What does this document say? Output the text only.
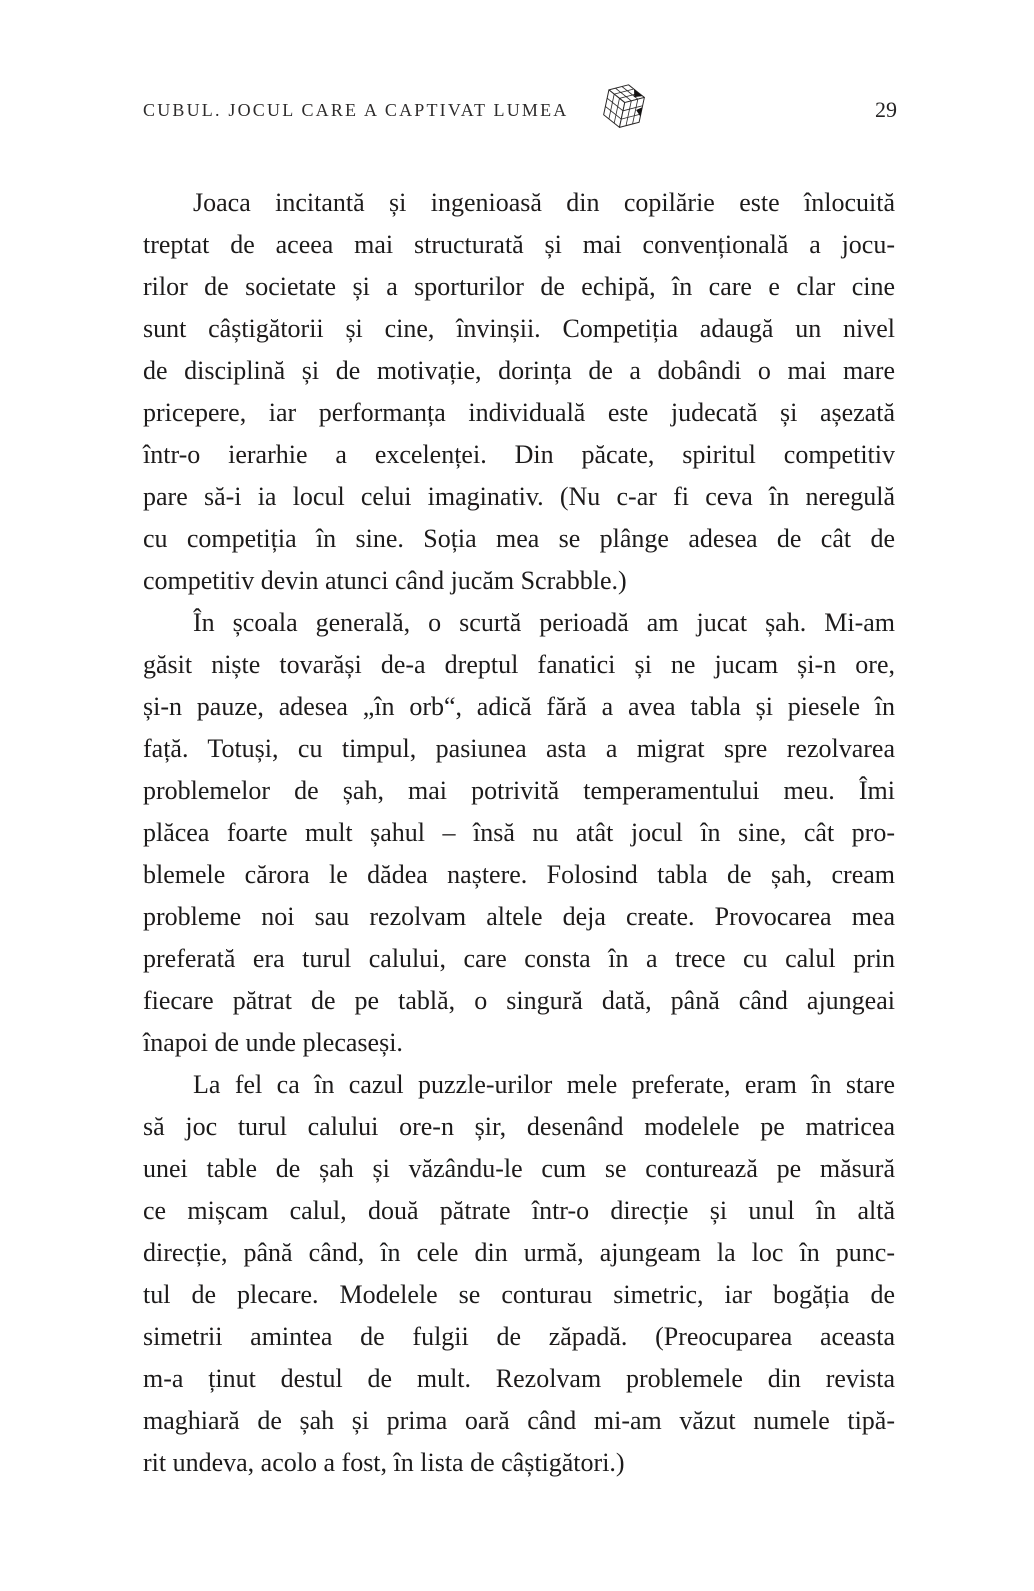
CUBUL. JOCUL CARE A CAPTIVAT LUMEA	29
Joaca incitantă și ingenioasă din copilărie este înlocuită
treptat de aceea mai structurată și mai convențională a jocu-
rilor de societate și a sporturilor de echipă, în care e clar cine
sunt câștigătorii și cine, învinșii. Competiția adaugă un nivel
de disciplină și de motivație, dorința de a dobândi o mai mare
pricepere, iar performanța individuală este judecată și așezată
într-o ierarhie a excelenței. Din păcate, spiritul competitiv
pare să-i ia locul celui imaginativ. (Nu c-ar fi ceva în neregulă
cu competiția în sine. Soția mea se plânge adesea de cât de
competitiv devin atunci când jucăm Scrabble.)
În școala generală, o scurtă perioadă am jucat șah. Mi-am
găsit niște tovarăși de-a dreptul fanatici și ne jucam și-n ore,
și-n pauze, adesea „în orb“, adică fără a avea tabla și piesele în
față. Totuși, cu timpul, pasiunea asta a migrat spre rezolvarea
problemelor de șah, mai potrivită temperamentului meu. Îmi
plăcea foarte mult șahul – însă nu atât jocul în sine, cât pro-
blemele cărora le dădea naștere. Folosind tabla de șah, cream
probleme noi sau rezolvam altele deja create. Provocarea mea
preferată era turul calului, care consta în a trece cu calul prin
fiecare pătrat de pe tablă, o singură dată, până când ajungeai
înapoi de unde plecaseși.
La fel ca în cazul puzzle-urilor mele preferate, eram în stare
să joc turul calului ore-n șir, desenând modelele pe matricea
unei table de șah și văzându-le cum se conturează pe măsură
ce mișcam calul, două pătrate într-o direcție și unul în altă
direcție, până când, în cele din urmă, ajungeam la loc în punc-
tul de plecare. Modelele se conturau simetric, iar bogăția de
simetrii amintea de fulgii de zăpadă. (Preocuparea aceasta
m-a ținut destul de mult. Rezolvam problemele din revista
maghiară de șah și prima oară când mi-am văzut numele tipă-
rit undeva, acolo a fost, în lista de câștigători.)
